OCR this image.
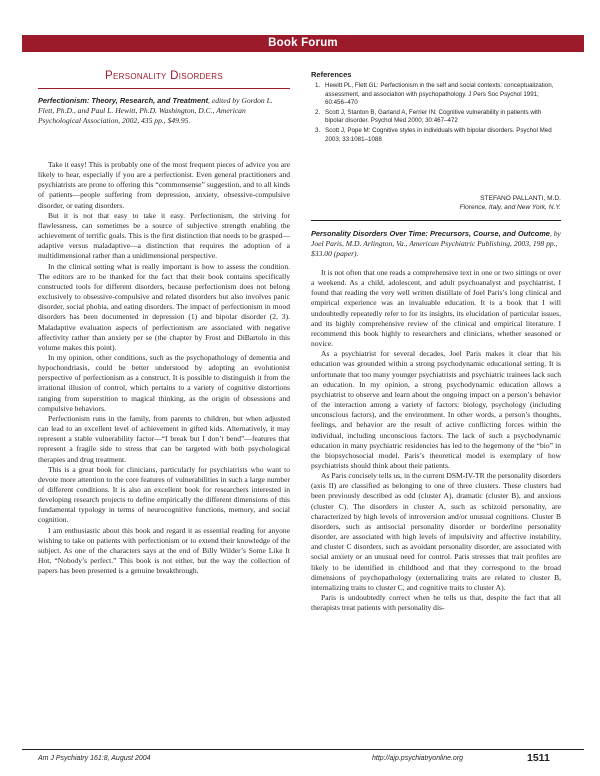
Book Forum
Personality Disorders
Perfectionism: Theory, Research, and Treatment, edited by Gordon L. Flett, Ph.D., and Paul L. Hewitt, Ph.D. Washington, D.C., American Psychological Association, 2002, 435 pp., $49.95.

Take it easy! This is probably one of the most frequent pieces of advice you are likely to hear, especially if you are a perfectionist. Even general practitioners and psychiatrists are prone to offering this “commonsense” suggestion, and to all kinds of patients—people suffering from depression, anxiety, obsessive-compulsive disorder, or eating disorders.

But it is not that easy to take it easy. Perfectionism, the striving for flawlessness, can sometimes be a source of subjective strength enabling the achievement of terrific goals. This is the first distinction that needs to be grasped—adaptive versus maladaptive—a distinction that requires the adoption of a multidimensional rather than a unidimensional perspective.

In the clinical setting what is really important is how to assess the condition. The editors are to be thanked for the fact that their book contains specifically constructed tools for different disorders, because perfectionism does not belong exclusively to obsessive-compulsive and related disorders but also involves panic disorder, social phobia, and eating disorders. The impact of perfectionism in mood disorders has been documented in depression (1) and bipolar disorder (2, 3). Maladaptive evaluation aspects of perfectionism are associated with negative affectivity rather than anxiety per se (the chapter by Frost and DiBartolo in this volume makes this point).

In my opinion, other conditions, such as the psychopathology of dementia and hypochondriasis, could be better understood by adopting an evolutionist perspective of perfectionism as a construct. It is possible to distinguish it from the irrational illusion of control, which pertains to a variety of cognitive distortions ranging from superstition to magical thinking, as the origin of obsessions and compulsive behaviors.

Perfectionism runs in the family, from parents to children, but when adjusted can lead to an excellent level of achievement in gifted kids. Alternatively, it may represent a stable vulnerability factor—“I break but I don’t bend”—features that represent a fragile side to stress that can be targeted with both psychological therapies and drug treatment.

This is a great book for clinicians, particularly for psychiatrists who want to devote more attention to the core features of vulnerabilities in such a large number of different conditions. It is also an excellent book for researchers interested in developing research projects to define empirically the different dimensions of this fundamental typology in terms of neurocognitive functions, memory, and social cognition.

I am enthusiastic about this book and regard it as essential reading for anyone wishing to take on patients with perfectionism or to extend their knowledge of the subject. As one of the characters says at the end of Billy Wilder’s Some Like It Hot, “Nobody’s perfect.” This book is not either, but the way the collection of papers has been presented is a genuine breakthrough.

References
1. Hewitt PL, Flett GL: Perfectionism in the self and social contexts: conceptualization, assessment, and association with psychopathology. J Pers Soc Psychol 1991; 60:456–470
2. Scott J, Stanton B, Garland A, Ferrier IN: Cognitive vulnerability in patients with bipolar disorder. Psychol Med 2000; 30:467–472
3. Scott J, Pope M: Cognitive styles in individuals with bipolar disorders. Psychol Med 2003; 33:1081–1088
STEFANO PALLANTI, M.D.
Florence, Italy, and New York, N.Y.
Personality Disorders Over Time: Precursors, Course, and Outcome, by Joel Paris, M.D. Arlington, Va., American Psychiatric Publishing, 2003, 198 pp., $33.00 (paper).

It is not often that one reads a comprehensive text in one or two sittings or over a weekend. As a child, adolescent, and adult psychoanalyst and psychiatrist, I found that reading the very well written distillate of Joel Paris’s long clinical and empirical experience was an invaluable education. It is a book that I will undoubtedly repeatedly refer to for its insights, its elucidation of particular issues, and its highly comprehensive review of the clinical and empirical literature. I recommend this book highly to researchers and clinicians, whether seasoned or novice.

As a psychiatrist for several decades, Joel Paris makes it clear that his education was grounded within a strong psychodynamic educational setting. It is unfortunate that too many younger psychiatrists and psychiatric trainees lack such an education. In my opinion, a strong psychodynamic education allows a psychiatrist to observe and learn about the ongoing impact on a person’s behavior of the interaction among a variety of factors: biology, psychology (including unconscious factors), and the environment. In other words, a person’s thoughts, feelings, and behavior are the result of active conflicting forces within the individual, including unconscious factors. The lack of such a psychodynamic education in many psychiatric residencies has led to the hegemony of the “bio” in the biopsychosocial model. Paris’s theoretical model is exemplary of how psychiatrists should think about their patients.

As Paris concisely tells us, in the current DSM-IV-TR the personality disorders (axis II) are classified as belonging to one of three clusters. These clusters had been previously described as odd (cluster A), dramatic (cluster B), and anxious (cluster C). The disorders in cluster A, such as schizoid personality, are characterized by high levels of introversion and/or unusual cognitions. Cluster B disorders, such as antisocial personality disorder or borderline personality disorder, are associated with high levels of impulsivity and affective instability, and cluster C disorders, such as avoidant personality disorder, are associated with social anxiety or an unusual need for control. Paris stresses that trait profiles are likely to be identified in childhood and that they correspond to the broad dimensions of psychopathology (externalizing traits are related to cluster B, internalizing traits to cluster C, and cognitive traits to cluster A).

Paris is undoubtedly correct when he tells us that, despite the fact that all therapists treat patients with personality dis-

Am J Psychiatry 161:8, August 2004	http://ajp.psychiatryonline.org	1511
